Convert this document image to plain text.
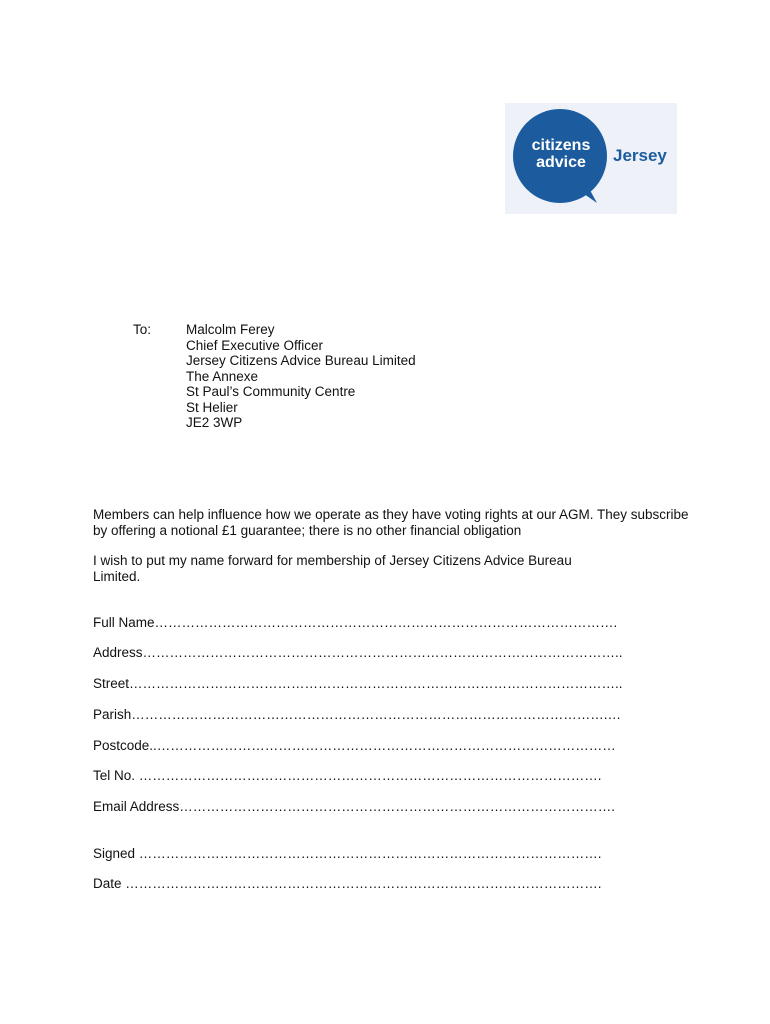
citizens
advice	Jersey
To:	Malcolm Ferey
Chief Executive Officer
Jersey Citizens Advice Bureau Limited
The Annexe
St Paul’s Community Centre
St Helier
JE2 3WP
Members can help influence how we operate as they have voting rights at our AGM. They subscribe by offering a notional £1 guarantee; there is no other financial obligation
I wish to put my name forward for membership of Jersey Citizens Advice Bureau Limited.
Full Name………………………………………………………………………………………….
Address……………………………………………………………………………………………..
Street………………………………………………………………………………………………..
Parish…………………………………………………………………………………………….…
Postcode..…………………………………………………………………………………………
Tel No. ………………………………………………………………………………………….
Email Address…………………………………………………………………………………….
Signed ………………………………………………………………………………………….
Date …………………………………………………………………………………………….
